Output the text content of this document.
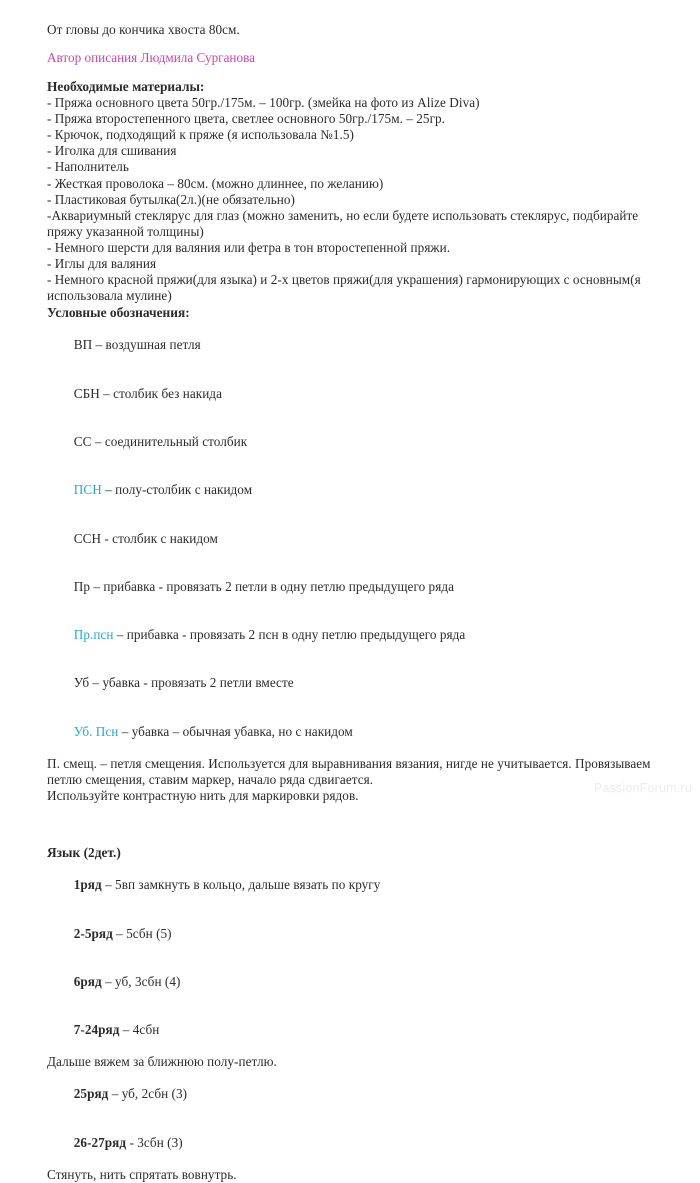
От гловы до кончика хвоста 80см.
Автор описания Людмила Сурганова
Необходимые материалы:
- Пряжа основного цвета 50гр./175м. – 100гр. (змейка на фото из Alize Diva)
- Пряжа второстепенного цвета, светлее основного 50гр./175м. – 25гр.
- Крючок, подходящий к пряже (я использовала №1.5)
- Иголка для сшивания
- Наполнитель
- Жесткая проволока – 80см. (можно длиннее, по желанию)
- Пластиковая бутылка(2л.)(не обязательно)
-Аквариумный стеклярус для глаз (можно заменить, но если будете использовать стеклярус, подбирайте пряжу указанной толщины)
- Немного шерсти для валяния или фетра в тон второстепенной пряжи.
- Иглы для валяния
- Немного красной пряжи(для языка) и 2-х цветов пряжи(для украшения) гармонирующих с основным(я использовала мулине)
Условные обозначения:

ВП – воздушная петля

СБН – столбик без накида

СС – соединительный столбик

ПСН – полу-столбик с накидом

ССН - столбик с накидом

Пр – прибавка - провязать 2 петли в одну петлю предыдущего ряда

Пр.псн – прибавка - провязать 2 псн в одну петлю предыдущего ряда

Уб – убавка - провязать 2 петли вместе

Уб. Псн – убавка – обычная убавка, но с накидом

П. смещ. – петля смещения. Используется для выравнивания вязания, нигде не учитывается. Провязываем петлю смещения, ставим маркер, начало ряда сдвигается.
Использyйте контрастную нить для маркировки рядов.
Язык (2дет.)

1ряд – 5вп замкнуть в кольцо, дальше вязать по кругу

2-5ряд – 5сбн (5)

6ряд – уб, 3сбн (4)

7-24ряд – 4сбн

Дальше вяжем за ближнюю полу-петлю.

25ряд – уб, 2сбн (3)

26-27ряд - 3сбн (3)

Стянуть, нить спрятать вовнутрь.
PassionForum.ru
